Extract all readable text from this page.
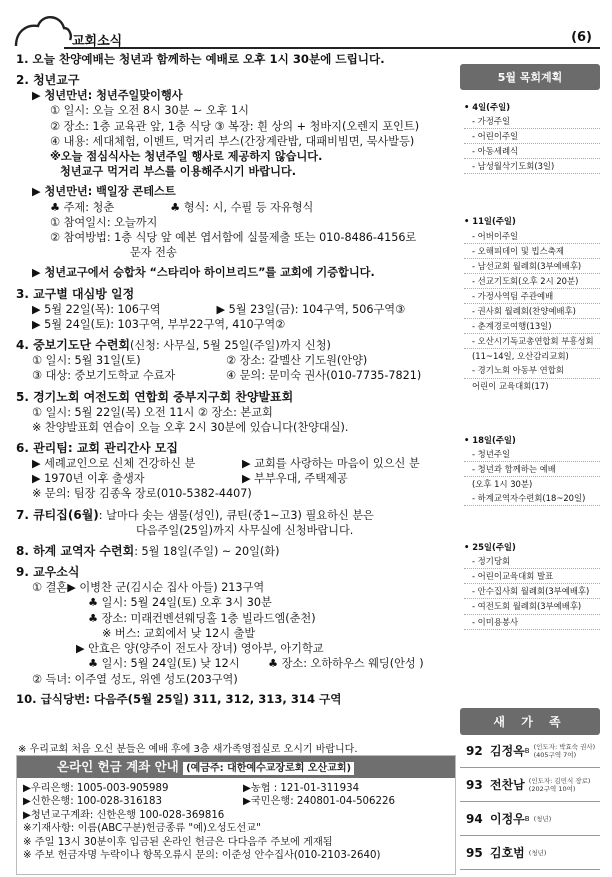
교회소식	(6)
1. 오늘 찬양예배는 청년과 함께하는 예배로 오후 1시 30분에 드립니다.
2. 청년교구
▶ 청년만년: 청년주일맞이행사
① 일시: 오늘 오전 8시 30분 ~ 오후 1시
② 장소: 1층 교육관 앞, 1층 식당 ③ 복장: 흰 상의 + 청바지(오렌지 포인트)
④ 내용: 세대체험, 이벤트, 먹거리 부스(간장계란밥, 대패비빔면, 묵사발등)
※오늘 점심식사는 청년주일 행사로 제공하지 않습니다.
청년교구 먹거리 부스를 이용해주시기 바랍니다.
▶ 청년만년: 백일장 콘테스트
♣ 주제: 청춘	♣ 형식: 시, 수필 등 자유형식
① 참여일시: 오늘까지
② 참여방법: 1층 식당 앞 예본 엽서함에 실물제출 또는 010-8486-4156로
문자 전송
▶ 청년교구에서 승합차 “스타리아 하이브리드”를 교회에 기증합니다.
3. 교구별 대심방 일정
▶ 5월 22일(목): 106구역	▶ 5월 23일(금): 104구역, 506구역③
▶ 5월 24일(토): 103구역, 부부22구역, 410구역②
4. 중보기도단 수련회(신청: 사무실, 5월 25일(주일)까지 신청)
① 일시: 5월 31일(토)	② 장소: 갈멜산 기도원(안양)
③ 대상: 중보기도학교 수료자	④ 문의: 문미숙 권사(010-7735-7821)
5. 경기노회 여전도회 연합회 중부지구회 찬양발표회
① 일시: 5월 22일(목) 오전 11시 ② 장소: 본교회
※ 찬양발표회 연습이 오늘 오후 2시 30분에 있습니다(찬양대실).
6. 관리팀: 교회 관리간사 모집
▶ 세례교인으로 신체 건강하신 분	▶ 교회를 사랑하는 마음이 있으신 분
▶ 1970년 이후 출생자	▶ 부부우대, 주택제공
※ 문의: 팀장 김종옥 장로(010-5382-4407)
7. 큐티집(6월): 날마다 솟는 샘물(성인), 큐틴(중1~고3) 필요하신 분은
다음주일(25일)까지 사무실에 신청바랍니다.
8. 하계 교역자 수련회: 5월 18일(주일) ~ 20일(화)
9. 교우소식
① 결혼▶ 이병찬 군(김시순 집사 아들) 213구역
♣ 일시: 5월 24일(토) 오후 3시 30분
♣ 장소: 미래컨벤션웨딩홀 1층 빌라드엠(춘천)
※ 버스: 교회에서 낮 12시 출발
▶ 안효은 양(양주이 전도사 장녀) 영아부, 아기학교
♣ 일시: 5월 24일(토) 낮 12시	♣ 장소: 오하하우스 웨딩(안성 )
② 득녀: 이주열 성도, 위엔 성도(203구역)
10. 급식당번: 다음주(5월 25일) 311, 312, 313, 314 구역
※ 우리교회 처음 오신 분들은 예배 후에 3층 새가족영접실로 오시기 바랍니다.
온라인 헌금 계좌 안내 (예금주: 대한예수교장로회 오산교회)
▶우리은행: 1005-003-905989	▶농협 : 121-01-311934
▶신한은행: 100-028-316183	▶국민은행: 240801-04-506226
▶청년교구계좌: 신한은행 100-028-369816
※기재사항: 이름(ABC구분)헌금종류 "예)오성도선교"
※ 주일 13시 30분이후 입금된 온라인 헌금은 다다음주 주보에 게재됨
※ 주보 헌금자명 누락이나 항목오류시 문의: 이준성 안수집사(010-2103-2640)
5월 목회계획
• 4일(주일)
- 가정주일
- 어린이주일
- 아동세례식
- 남성월삭기도회(3일)
• 11일(주일)
- 어버이주일
- 오해피데이 및 빕스축제
- 남선교회 월례회(3부예배후)
- 선교기도회(오후 2시 20분)
- 가정사역팀 주관예배
- 권사회 월례회(찬양예배후)
- 춘계경로여행(13일)
- 오산시기독교총연합회 부흥성회
(11~14일, 오산감리교회)
- 경기노회 아동부 연합회
어린이 교육대회(17)
• 18일(주일)
- 청년주일
- 청년과 함께하는 예배
(오후 1시 30분)
- 하계교역자수련회(18~20일)
• 25일(주일)
- 정기당회
- 어린이교육대회 발표
- 안수집사회 월례회(3부예배후)
- 여전도회 월례회(3부예배후)
- 이미용봉사
새 가 족
92 김정옥 B (인도자: 박효숙 권사)
(405구역 7여)
93 전찬남 (인도자: 김민식 장로)
(202구역 10여)
94 이정우 B (청년)
95 김호범 (청년)
